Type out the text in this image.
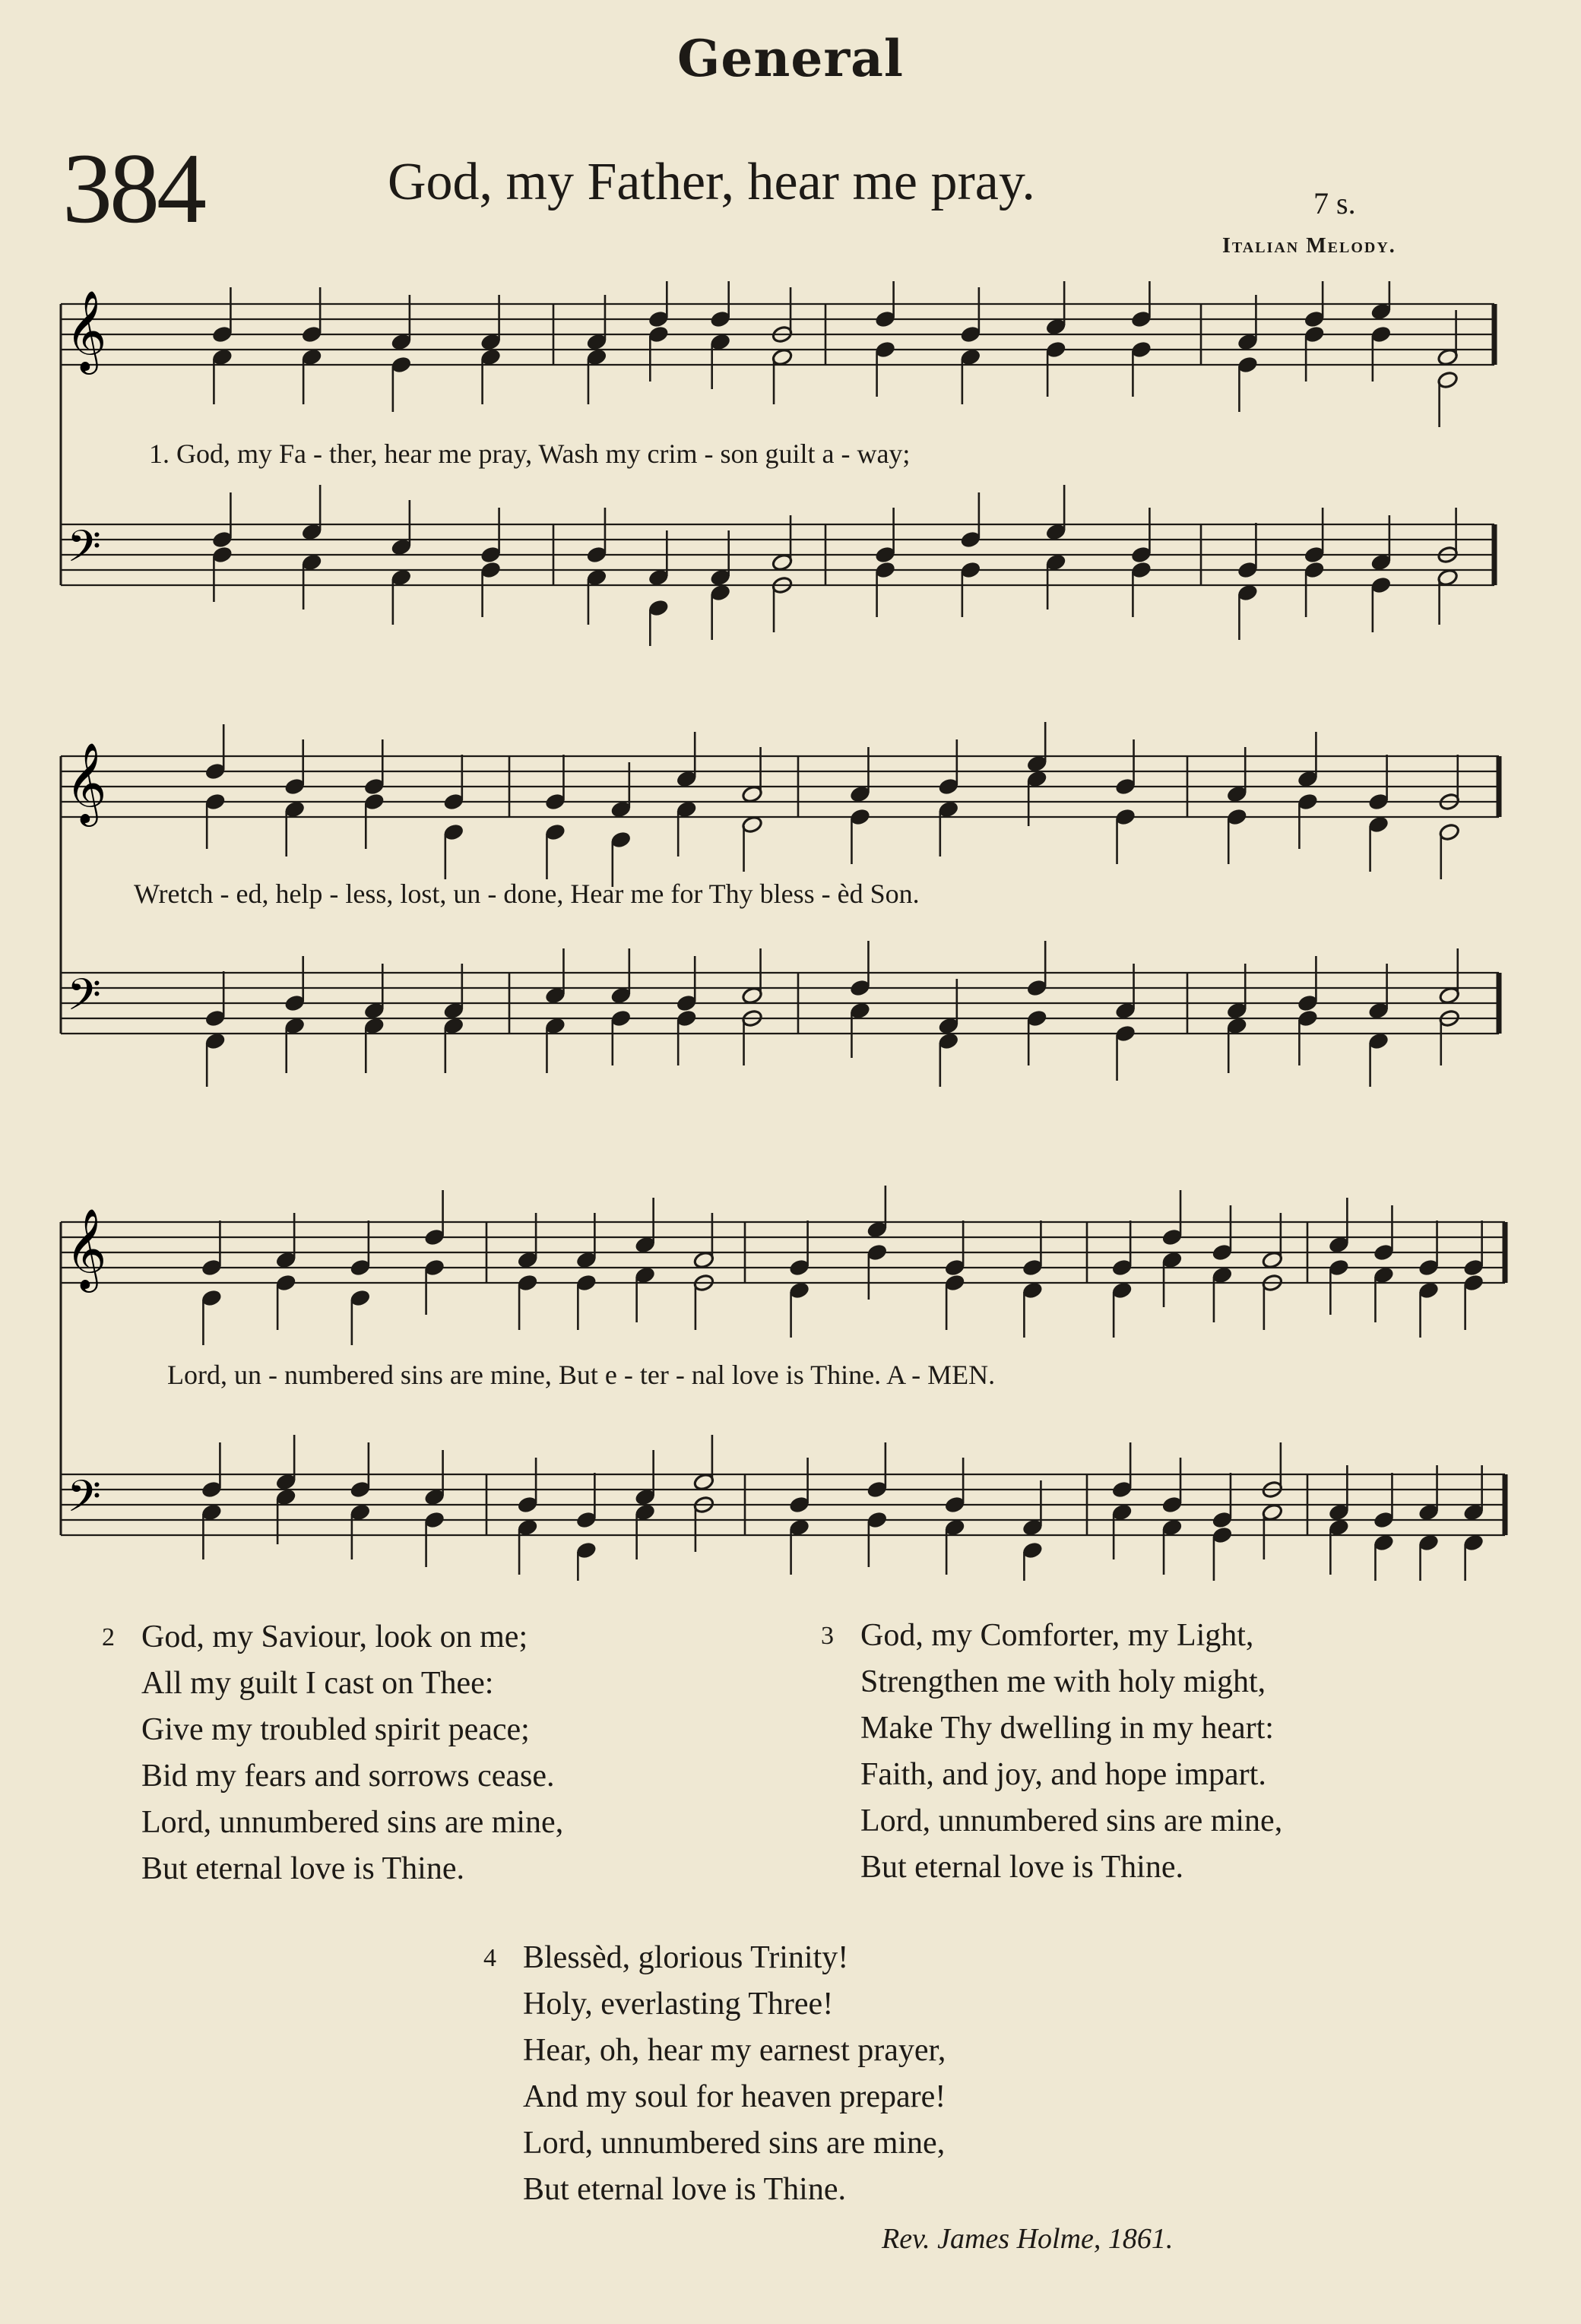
General
384	God, my Father, hear me pray.	7 s.
Italian Melody.
𝄞
𝄢
1. God, my Fa - ther, hear me pray, Wash my crim - son guilt a - way;
𝄞
𝄢
Wretch - ed, help - less, lost, un - done, Hear me for Thy bless - èd Son.
𝄞
𝄢
Lord, un - numbered sins are mine, But e - ter - nal love is Thine. A - MEN.
2 God, my Saviour, look on me;
All my guilt I cast on Thee:
Give my troubled spirit peace;
Bid my fears and sorrows cease.
Lord, unnumbered sins are mine,
But eternal love is Thine.
3 God, my Comforter, my Light,
Strengthen me with holy might,
Make Thy dwelling in my heart:
Faith, and joy, and hope impart.
Lord, unnumbered sins are mine,
But eternal love is Thine.
4 Blessèd, glorious Trinity!
Holy, everlasting Three!
Hear, oh, hear my earnest prayer,
And my soul for heaven prepare!
Lord, unnumbered sins are mine,
But eternal love is Thine.
Rev. James Holme, 1861.
